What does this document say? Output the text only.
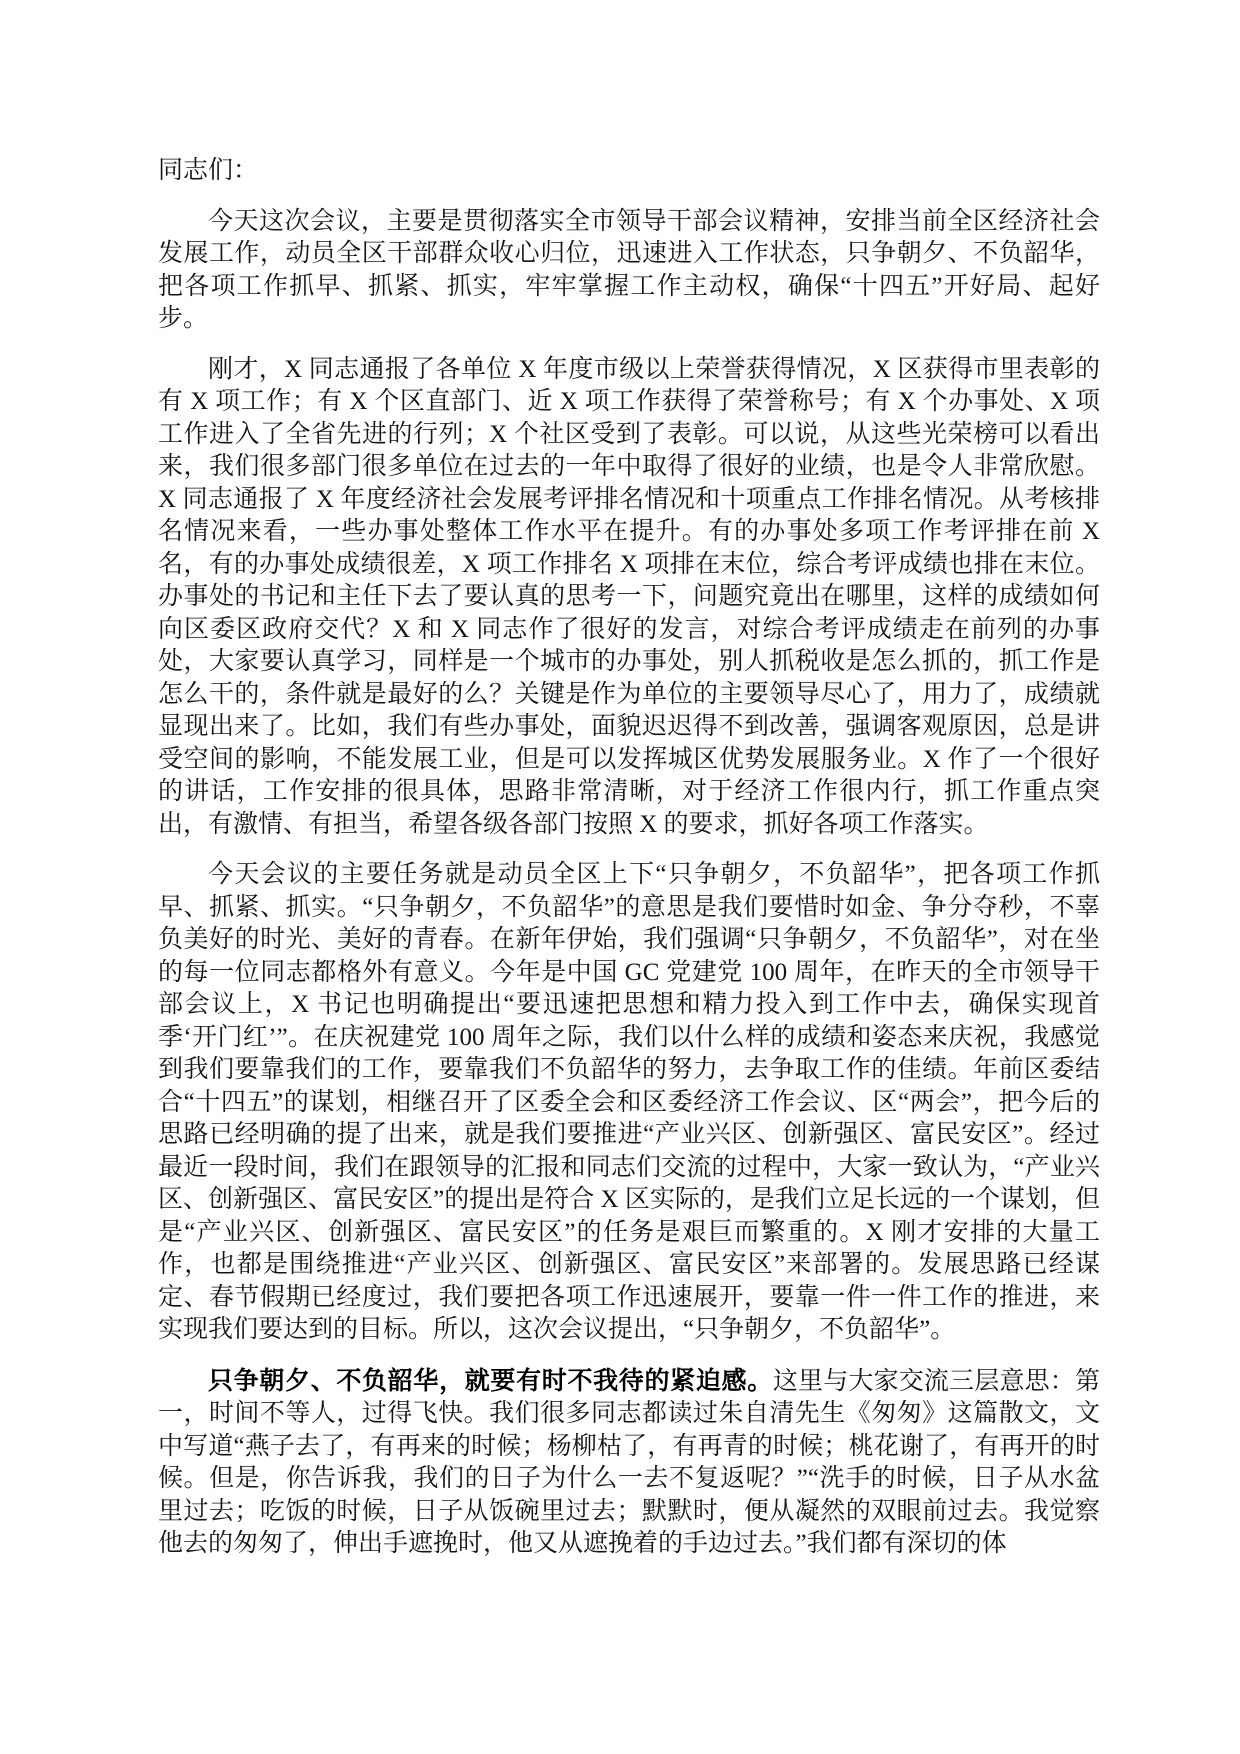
同志们：

今天这次会议，主要是贯彻落实全市领导干部会议精神，安排当前全区经济社会发展工作，动员全区干部群众收心归位，迅速进入工作状态，只争朝夕、不负韶华，把各项工作抓早、抓紧、抓实，牢牢掌握工作主动权，确保“十四五”开好局、起好步。

刚才，X 同志通报了各单位 X 年度市级以上荣誉获得情况，X 区获得市里表彰的有 X 项工作；有 X 个区直部门、近 X 项工作获得了荣誉称号；有 X 个办事处、X 项工作进入了全省先进的行列；X 个社区受到了表彰。可以说，从这些光荣榜可以看出来，我们很多部门很多单位在过去的一年中取得了很好的业绩，也是令人非常欣慰。X 同志通报了 X 年度经济社会发展考评排名情况和十项重点工作排名情况。从考核排名情况来看，一些办事处整体工作水平在提升。有的办事处多项工作考评排在前 X 名，有的办事处成绩很差，X 项工作排名 X 项排在末位，综合考评成绩也排在末位。办事处的书记和主任下去了要认真的思考一下，问题究竟出在哪里，这样的成绩如何向区委区政府交代？X 和 X 同志作了很好的发言，对综合考评成绩走在前列的办事处，大家要认真学习，同样是一个城市的办事处，别人抓税收是怎么抓的，抓工作是怎么干的，条件就是最好的么？关键是作为单位的主要领导尽心了，用力了，成绩就显现出来了。比如，我们有些办事处，面貌迟迟得不到改善，强调客观原因，总是讲受空间的影响，不能发展工业，但是可以发挥城区优势发展服务业。X 作了一个很好的讲话，工作安排的很具体，思路非常清晰，对于经济工作很内行，抓工作重点突出，有激情、有担当，希望各级各部门按照 X 的要求，抓好各项工作落实。

今天会议的主要任务就是动员全区上下“只争朝夕，不负韶华”，把各项工作抓早、抓紧、抓实。“只争朝夕，不负韶华”的意思是我们要惜时如金、争分夺秒，不辜负美好的时光、美好的青春。在新年伊始，我们强调“只争朝夕，不负韶华”，对在坐的每一位同志都格外有意义。今年是中国 GC 党建党 100 周年，在昨天的全市领导干部会议上，X 书记也明确提出“要迅速把思想和精力投入到工作中去，确保实现首季‘开门红’”。在庆祝建党 100 周年之际，我们以什么样的成绩和姿态来庆祝，我感觉到我们要靠我们的工作，要靠我们不负韶华的努力，去争取工作的佳绩。年前区委结合“十四五”的谋划，相继召开了区委全会和区委经济工作会议、区“两会”，把今后的思路已经明确的提了出来，就是我们要推进“产业兴区、创新强区、富民安区”。经过最近一段时间，我们在跟领导的汇报和同志们交流的过程中，大家一致认为，“产业兴区、创新强区、富民安区”的提出是符合 X 区实际的，是我们立足长远的一个谋划，但是“产业兴区、创新强区、富民安区”的任务是艰巨而繁重的。X 刚才安排的大量工作，也都是围绕推进“产业兴区、创新强区、富民安区”来部署的。发展思路已经谋定、春节假期已经度过，我们要把各项工作迅速展开，要靠一件一件工作的推进，来实现我们要达到的目标。所以，这次会议提出，“只争朝夕，不负韶华”。

只争朝夕、不负韶华，就要有时不我待的紧迫感。这里与大家交流三层意思：第一，时间不等人，过得飞快。我们很多同志都读过朱自清先生《匆匆》这篇散文，文中写道“燕子去了，有再来的时候；杨柳枯了，有再青的时候；桃花谢了，有再开的时候。但是，你告诉我，我们的日子为什么一去不复返呢？”“洗手的时候，日子从水盆里过去；吃饭的时候，日子从饭碗里过去；默默时，便从凝然的双眼前过去。我觉察他去的匆匆了，伸出手遮挽时，他又从遮挽着的手边过去。”我们都有深切的体
